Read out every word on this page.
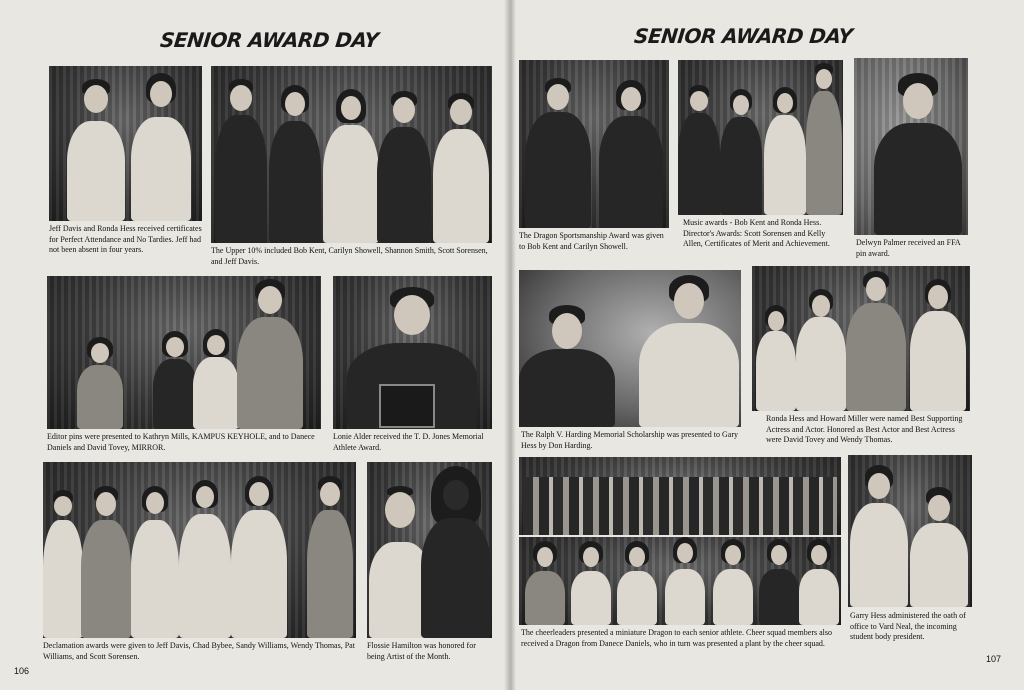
SENIOR AWARD DAY
Jeff Davis and Ronda Hess received certificates for Perfect Attendance and No Tardies. Jeff had not been absent in four years.	The Upper 10% included Bob Kent, Carilyn Showell, Shannon Smith, Scott Sorensen, and Jeff Davis.
Editor pins were presented to Kathryn Mills, KAMPUS KEYHOLE, and to Danece Daniels and David Tovey, MIRROR.
Lonie Alder received the T. D. Jones Memorial Athlete Award.
Declamation awards were given to Jeff Davis, Chad Bybee, Sandy Williams, Wendy Thomas, Pat Williams, and Scott Sorensen.
Flossie Hamilton was honored for being Artist of the Month.
106
SENIOR AWARD DAY
The Dragon Sportsmanship Award was given to Bob Kent and Carilyn Showell.
Music awards - Bob Kent and Ronda Hess. Director's Awards: Scott Sorensen and Kelly Allen, Certificates of Merit and Achievement.	Delwyn Palmer received an FFA pin award.
The Ralph V. Harding Memorial Scholarship was presented to Gary Hess by Don Harding.
Ronda Hess and Howard Miller were named Best Supporting Actress and Actor. Honored as Best Actor and Best Actress were David Tovey and Wendy Thomas.
The cheerleaders presented a miniature Dragon to each senior athlete. Cheer squad members also received a Dragon from Danece Daniels, who in turn was presented a plant by the cheer squad.
Garry Hess administered the oath of office to Vard Neal, the incoming student body president.
107
